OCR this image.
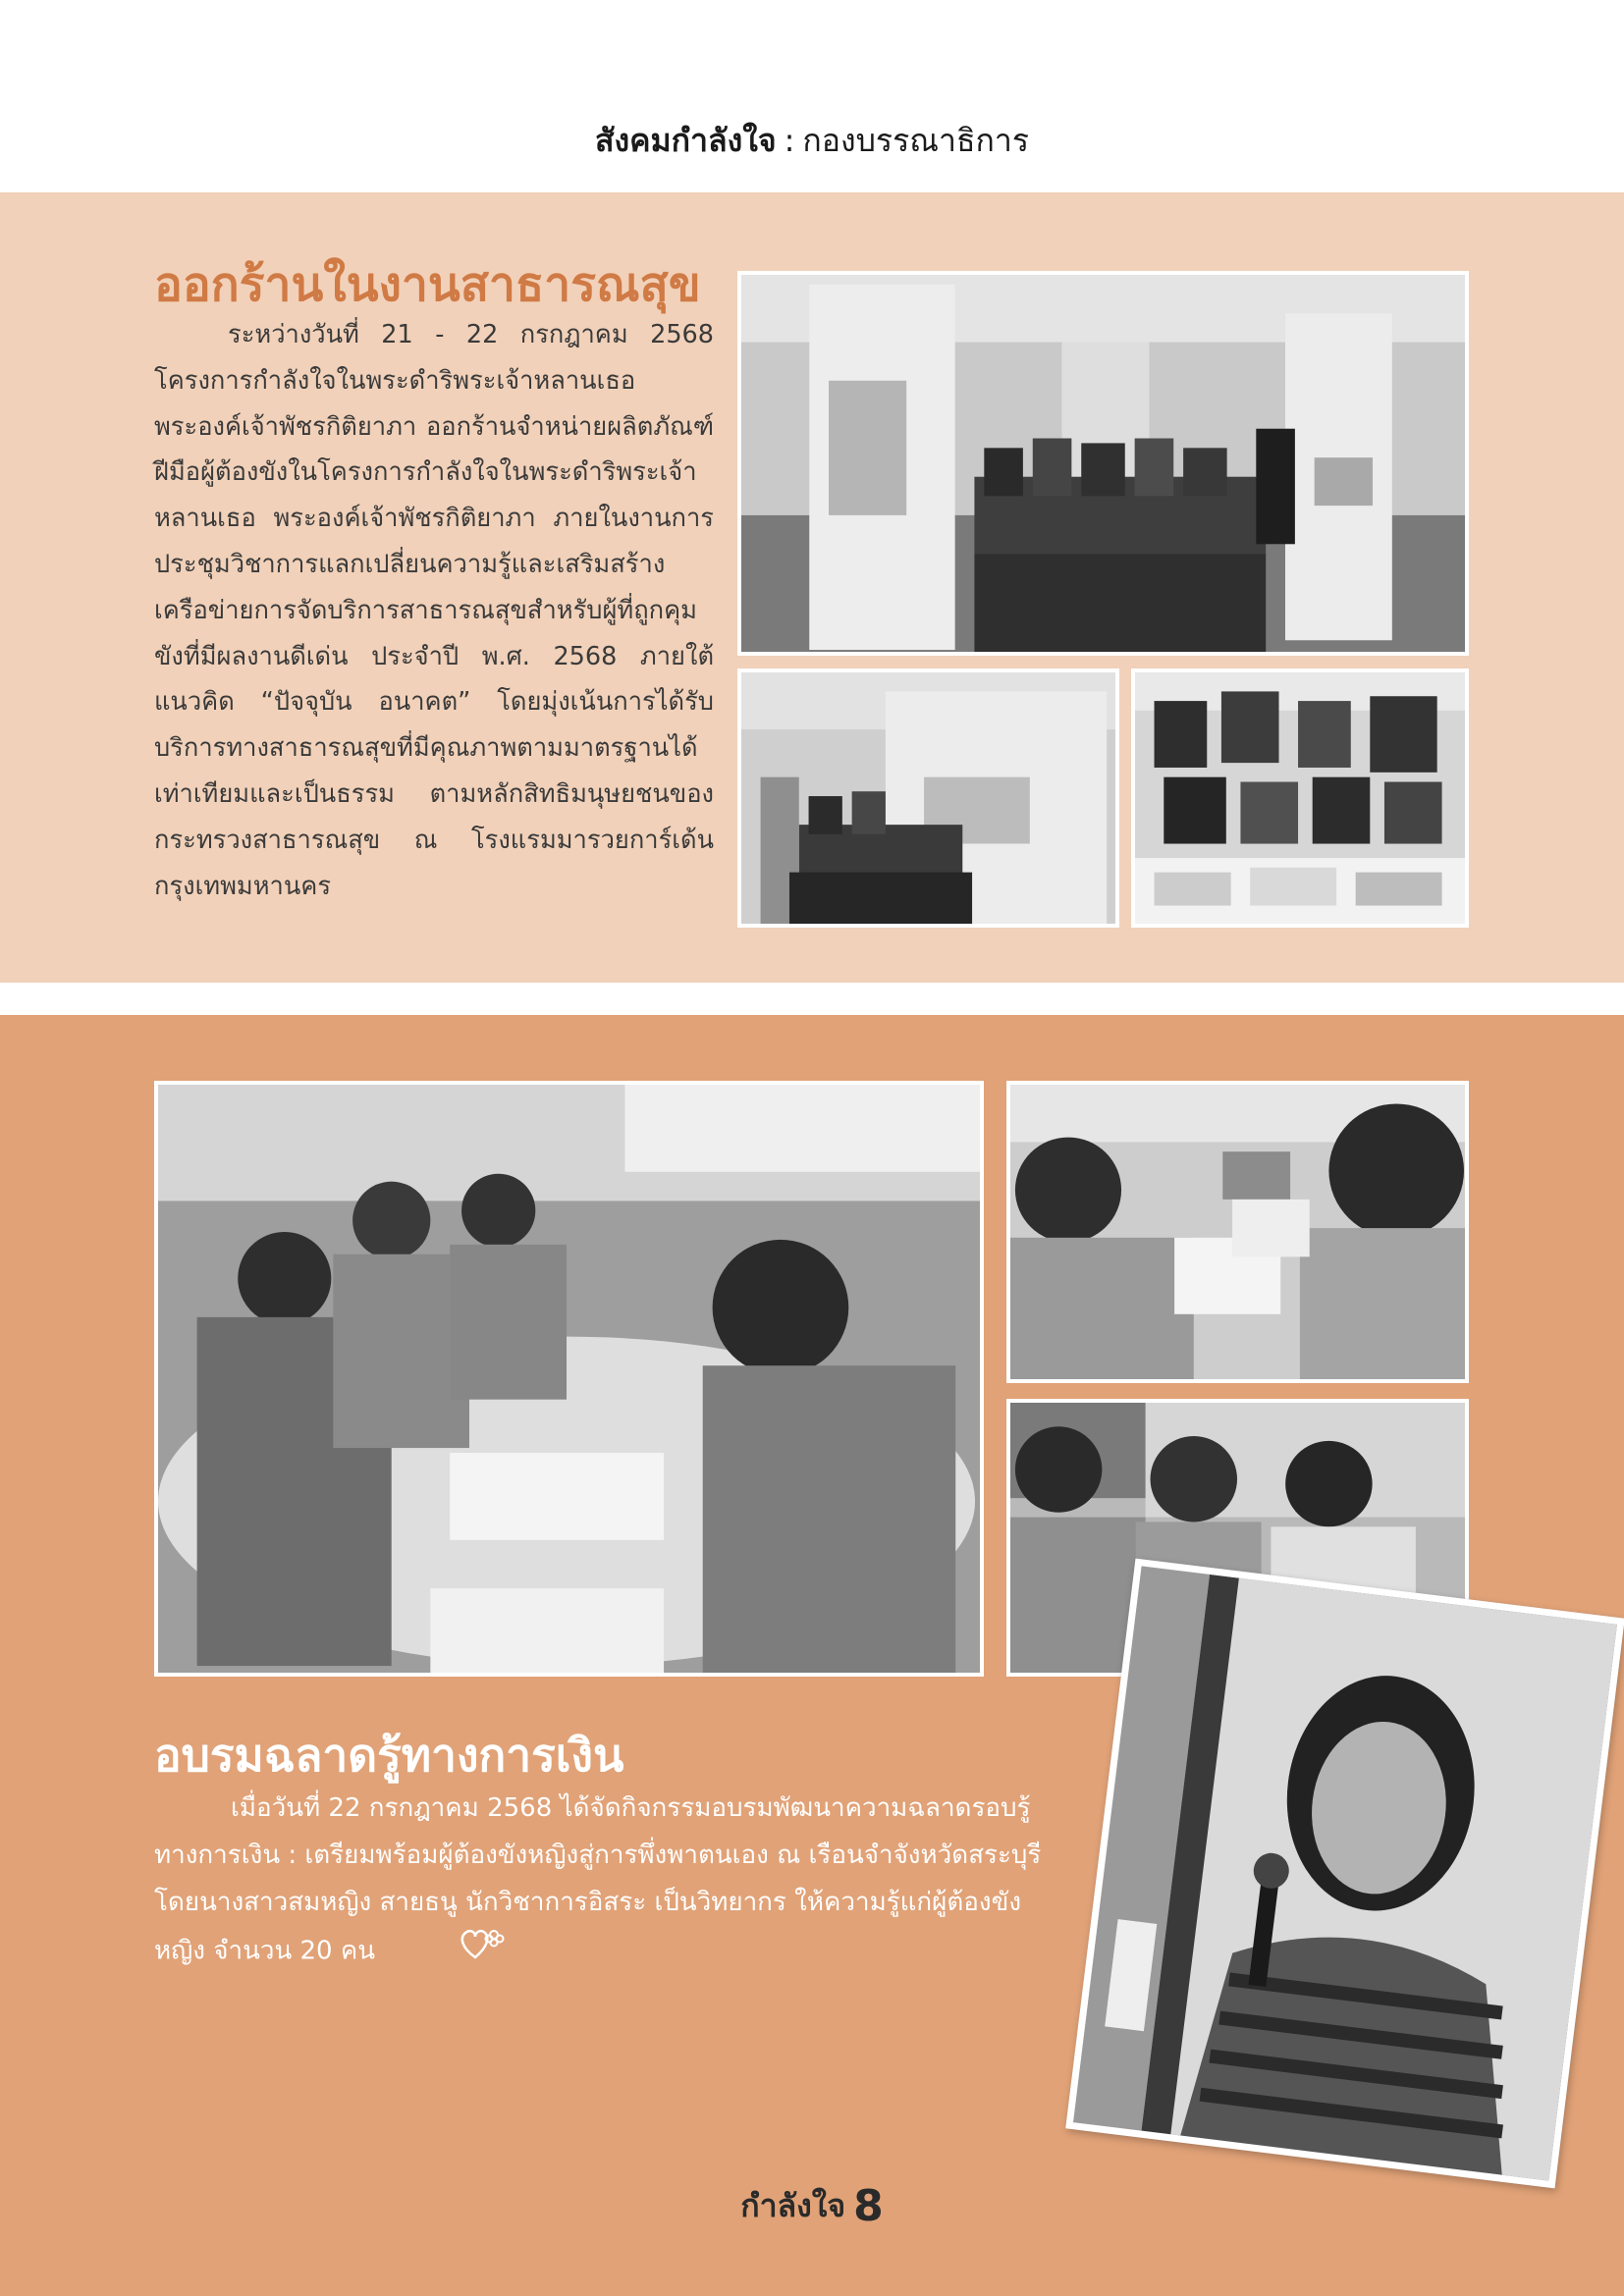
สังคมกำลังใจ : กองบรรณาธิการ
ออกร้านในงานสาธารณสุข

ระหว่างวันที่ 21 - 22 กรกฎาคม 2568 โครงการกำลังใจในพระดำริพระเจ้าหลานเธอ พระองค์เจ้าพัชรกิติยาภา ออกร้านจำหน่ายผลิตภัณฑ์ฝีมือผู้ต้องขังในโครงการกำลังใจในพระดำริพระเจ้าหลานเธอ พระองค์เจ้าพัชรกิติยาภา ภายในงานการประชุมวิชาการแลกเปลี่ยนความรู้และเสริมสร้างเครือข่ายการจัดบริการสาธารณสุขสำหรับผู้ที่ถูกคุมขังที่มีผลงานดีเด่น ประจำปี พ.ศ. 2568 ภายใต้แนวคิด “ปัจจุบัน อนาคต” โดยมุ่งเน้นการได้รับบริการทางสาธารณสุขที่มีคุณภาพตามมาตรฐานได้เท่าเทียมและเป็นธรรม ตามหลักสิทธิมนุษยชนของกระทรวงสาธารณสุข ณ โรงแรมมารวยการ์เด้น กรุงเทพมหานคร

อบรมฉลาดรู้ทางการเงิน

เมื่อวันที่ 22 กรกฎาคม 2568 ได้จัดกิจกรรมอบรมพัฒนาความฉลาดรอบรู้ทางการเงิน : เตรียมพร้อมผู้ต้องขังหญิงสู่การพึ่งพาตนเอง ณ เรือนจำจังหวัดสระบุรี โดยนางสาวสมหญิง สายธนู นักวิชาการอิสระ เป็นวิทยากร ให้ความรู้แก่ผู้ต้องขังหญิง จำนวน 20 คน

กำลังใจ 8
